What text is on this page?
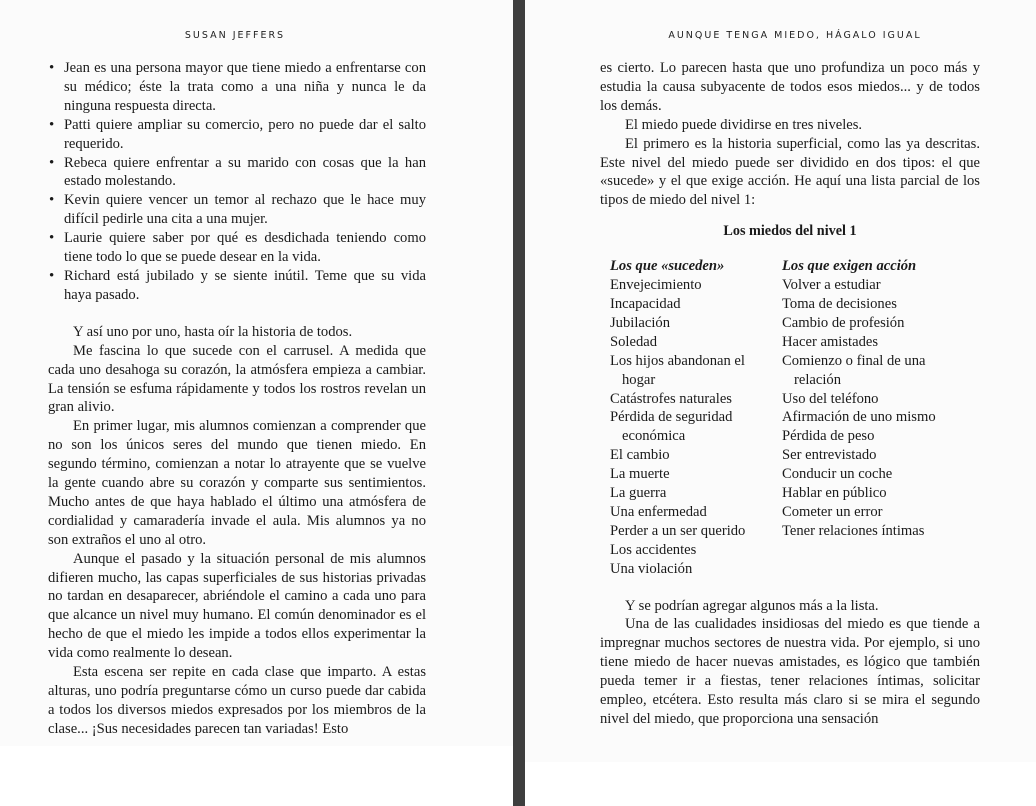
SUSAN JEFFERS
• Jean es una persona mayor que tiene miedo a enfrentarse con su médico; éste la trata como a una niña y nunca le da ninguna respuesta directa.
• Patti quiere ampliar su comercio, pero no puede dar el salto requerido.
• Rebeca quiere enfrentar a su marido con cosas que la han estado molestando.
• Kevin quiere vencer un temor al rechazo que le hace muy difícil pedirle una cita a una mujer.
• Laurie quiere saber por qué es desdichada teniendo como tiene todo lo que se puede desear en la vida.
• Richard está jubilado y se siente inútil. Teme que su vida haya pasado.

Y así uno por uno, hasta oír la historia de todos.

Me fascina lo que sucede con el carrusel. A medida que cada uno desahoga su corazón, la atmósfera empieza a cambiar. La tensión se esfuma rápidamente y todos los rostros revelan un gran alivio.

En primer lugar, mis alumnos comienzan a comprender que no son los únicos seres del mundo que tienen miedo. En segundo término, comienzan a notar lo atrayente que se vuelve la gente cuando abre su corazón y comparte sus sentimientos. Mucho antes de que haya hablado el último una atmósfera de cordialidad y camaradería invade el aula. Mis alumnos ya no son extraños el uno al otro.

Aunque el pasado y la situación personal de mis alumnos difieren mucho, las capas superficiales de sus historias privadas no tardan en desaparecer, abriéndole el camino a cada uno para que alcance un nivel muy humano. El común denominador es el hecho de que el miedo les impide a todos ellos experimentar la vida como realmente lo desean.

Esta escena ser repite en cada clase que imparto. A estas alturas, uno podría preguntarse cómo un curso puede dar cabida a todos los diversos miedos expresados por los miembros de la clase... ¡Sus necesidades parecen tan variadas! Esto

AUNQUE TENGA MIEDO, HÁGALO IGUAL

es cierto. Lo parecen hasta que uno profundiza un poco más y estudia la causa subyacente de todos esos miedos... y de todos los demás.

El miedo puede dividirse en tres niveles.

El primero es la historia superficial, como las ya descritas. Este nivel del miedo puede ser dividido en dos tipos: el que «sucede» y el que exige acción. He aquí una lista parcial de los tipos de miedo del nivel 1:

Los miedos del nivel 1
Los que «suceden»
Envejecimiento
Incapacidad
Jubilación
Soledad
Los hijos abandonan el hogar
Catástrofes naturales
Pérdida de seguridad económica
El cambio
La muerte
La guerra
Una enfermedad
Perder a un ser querido
Los accidentes
Una violación
Los que exigen acción
Volver a estudiar
Toma de decisiones
Cambio de profesión
Hacer amistades
Comienzo o final de una relación
Uso del teléfono
Afirmación de uno mismo
Pérdida de peso
Ser entrevistado
Conducir un coche
Hablar en público
Cometer un error
Tener relaciones íntimas

Y se podrían agregar algunos más a la lista.

Una de las cualidades insidiosas del miedo es que tiende a impregnar muchos sectores de nuestra vida. Por ejemplo, si uno tiene miedo de hacer nuevas amistades, es lógico que también pueda temer ir a fiestas, tener relaciones íntimas, solicitar empleo, etcétera. Esto resulta más claro si se mira el segundo nivel del miedo, que proporciona una sensación
